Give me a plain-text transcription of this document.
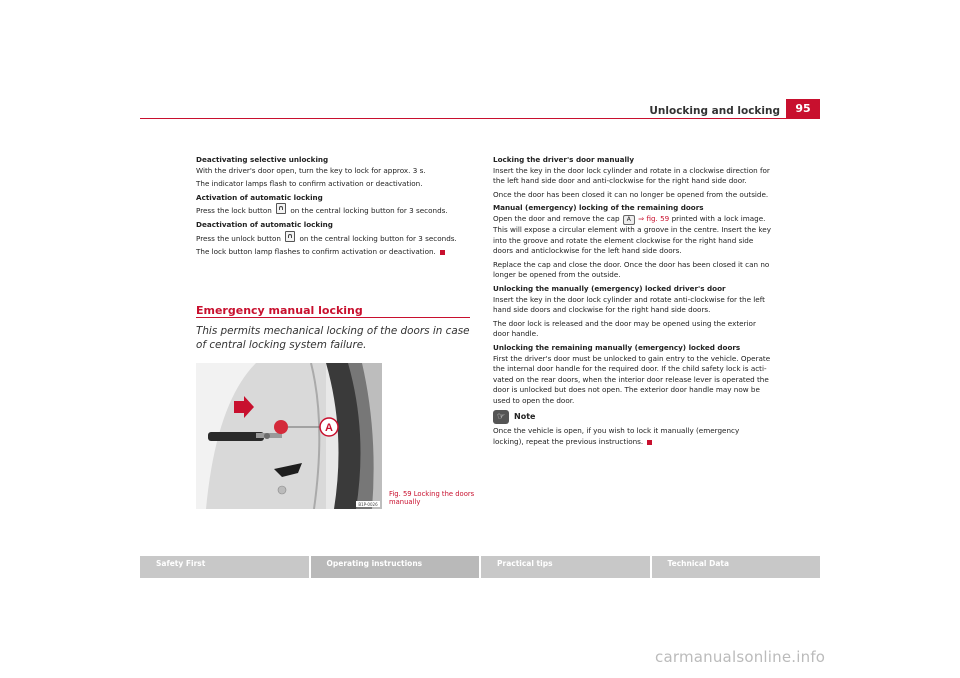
Unlocking and locking	95

Deactivating selective unlocking
With the driver's door open, turn the key to lock for approx. 3 s.

The indicator lamps flash to confirm activation or deactivation.

Activation of automatic locking
Press the lock button	on the central locking button for 3 seconds.

Deactivation of automatic locking
Press the unlock button	on the central locking button for 3 seconds.

The lock button lamp flashes to confirm activation or deactivation.

Emergency manual locking
This permits mechanical locking of the doors in case of central locking system failure.
A
B1P-0026
Fig. 59 Locking the doors manually

Locking the driver's door manually
Insert the key in the door lock cylinder and rotate in a clockwise direction for the left hand side door and anti-clockwise for the right hand side door.

Once the door has been closed it can no longer be opened from the outside.

Manual (emergency) locking of the remaining doors
Open the door and remove the cap A ⇒ fig. 59 printed with a lock image. This will expose a circular element with a groove in the centre. Insert the key into the groove and rotate the element clockwise for the right hand side doors and anticlockwise for the left hand side doors.

Replace the cap and close the door. Once the door has been closed it can no longer be opened from the outside.

Unlocking the manually (emergency) locked driver's door
Insert the key in the door lock cylinder and rotate anti-clockwise for the left hand side doors and clockwise for the right hand side doors.

The door lock is released and the door may be opened using the exterior door handle.

Unlocking the remaining manually (emergency) locked doors
First the driver's door must be unlocked to gain entry to the vehicle. Operate the internal door handle for the required door. If the child safety lock is acti-vated on the rear doors, when the interior door release lever is operated the door is unlocked but does not open. The exterior door handle may now be used to open the door.

☞	Note

Once the vehicle is open, if you wish to lock it manually (emergency locking), repeat the previous instructions.

Safety First	Operating instructions	Practical tips	Technical Data
carmanualsonline.info
